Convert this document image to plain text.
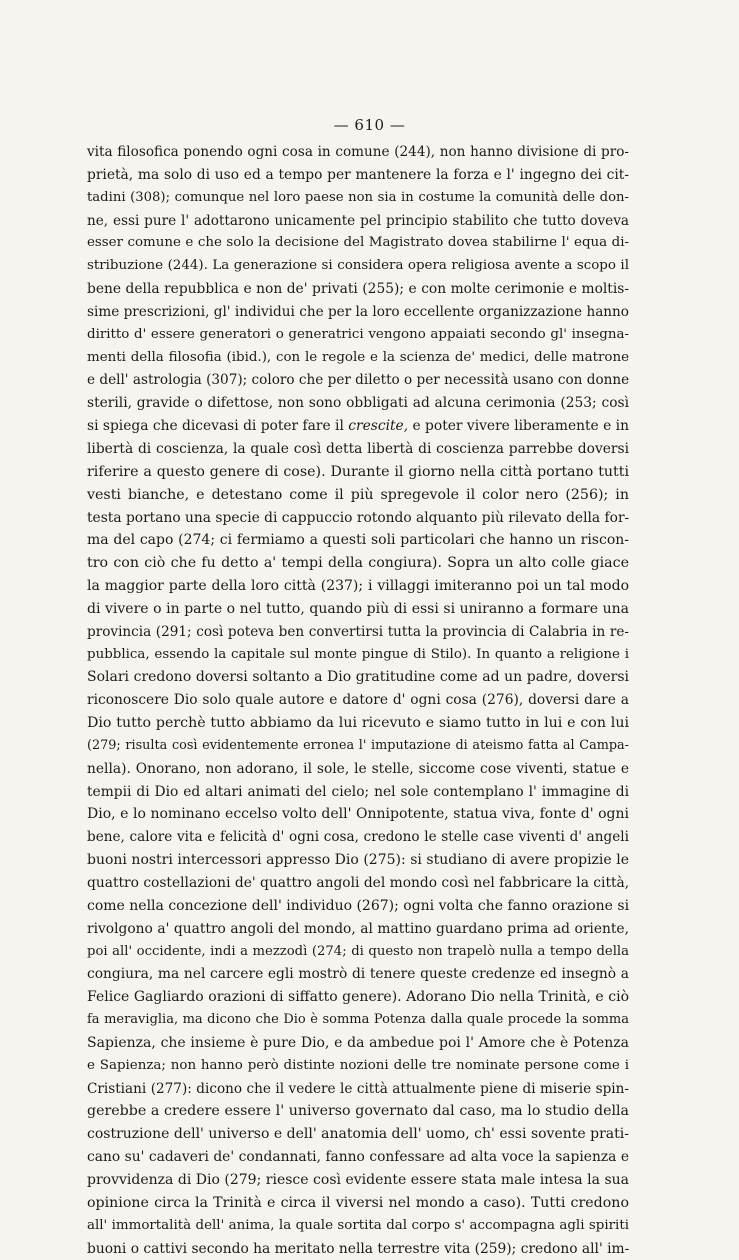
— 610 —
vita filosofica ponendo ogni cosa in comune (244), non hanno divisione di pro-
prietà, ma solo di uso ed a tempo per mantenere la forza e l' ingegno dei cit-
tadini (308); comunque nel loro paese non sia in costume la comunità delle don-
ne, essi pure l' adottarono unicamente pel principio stabilito che tutto doveva
esser comune e che solo la decisione del Magistrato dovea stabilirne l' equa di-
stribuzione (244). La generazione si considera opera religiosa avente a scopo il
bene della repubblica e non de' privati (255); e con molte cerimonie e moltis-
sime prescrizioni, gl' individui che per la loro eccellente organizzazione hanno
diritto d' essere generatori o generatrici vengono appaiati secondo gl' insegna-
menti della filosofia (ibid.), con le regole e la scienza de' medici, delle matrone
e dell' astrologia (307); coloro che per diletto o per necessità usano con donne
sterili, gravide o difettose, non sono obbligati ad alcuna cerimonia (253; così
si spiega che dicevasi di poter fare il crescite, e poter vivere liberamente e in
libertà di coscienza, la quale così detta libertà di coscienza parrebbe doversi
riferire a questo genere di cose). Durante il giorno nella città portano tutti
vesti bianche, e detestano come il più spregevole il color nero (256); in
testa portano una specie di cappuccio rotondo alquanto più rilevato della for-
ma del capo (274; ci fermiamo a questi soli particolari che hanno un riscon-
tro con ciò che fu detto a' tempi della congiura). Sopra un alto colle giace
la maggior parte della loro città (237); i villaggi imiteranno poi un tal modo
di vivere o in parte o nel tutto, quando più di essi si uniranno a formare una
provincia (291; così poteva ben convertirsi tutta la provincia di Calabria in re-
pubblica, essendo la capitale sul monte pingue di Stilo). In quanto a religione i
Solari credono doversi soltanto a Dio gratitudine come ad un padre, doversi
riconoscere Dio solo quale autore e datore d' ogni cosa (276), doversi dare a
Dio tutto perchè tutto abbiamo da lui ricevuto e siamo tutto in lui e con lui
(279; risulta così evidentemente erronea l' imputazione di ateismo fatta al Campa-
nella). Onorano, non adorano, il sole, le stelle, siccome cose viventi, statue e
tempii di Dio ed altari animati del cielo; nel sole contemplano l' immagine di
Dio, e lo nominano eccelso volto dell' Onnipotente, statua viva, fonte d' ogni
bene, calore vita e felicità d' ogni cosa, credono le stelle case viventi d' angeli
buoni nostri intercessori appresso Dio (275): si studiano di avere propizie le
quattro costellazioni de' quattro angoli del mondo così nel fabbricare la città,
come nella concezione dell' individuo (267); ogni volta che fanno orazione si
rivolgono a' quattro angoli del mondo, al mattino guardano prima ad oriente,
poi all' occidente, indi a mezzodì (274; di questo non trapelò nulla a tempo della
congiura, ma nel carcere egli mostrò di tenere queste credenze ed insegnò a
Felice Gagliardo orazioni di siffatto genere). Adorano Dio nella Trinità, e ciò
fa meraviglia, ma dicono che Dio è somma Potenza dalla quale procede la somma
Sapienza, che insieme è pure Dio, e da ambedue poi l' Amore che è Potenza
e Sapienza; non hanno però distinte nozioni delle tre nominate persone come i
Cristiani (277): dicono che il vedere le città attualmente piene di miserie spin-
gerebbe a credere essere l' universo governato dal caso, ma lo studio della
costruzione dell' universo e dell' anatomia dell' uomo, ch' essi sovente prati-
cano su' cadaveri de' condannati, fanno confessare ad alta voce la sapienza e
provvidenza di Dio (279; riesce così evidente essere stata male intesa la sua
opinione circa la Trinità e circa il viversi nel mondo a caso). Tutti credono
all' immortalità dell' anima, la quale sortita dal corpo s' accompagna agli spiriti
buoni o cattivi secondo ha meritato nella terrestre vita (259); credono all' im-
